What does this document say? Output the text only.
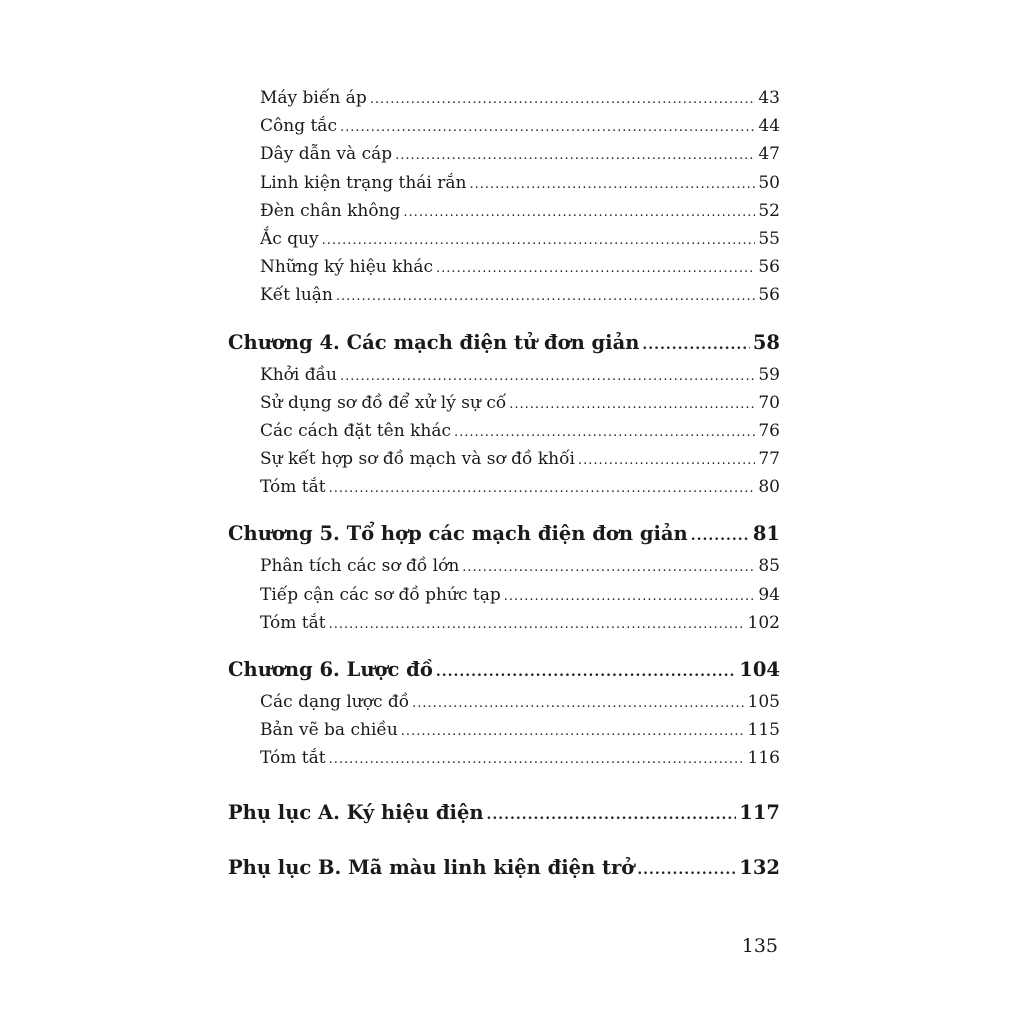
Máy biến áp .....	43
Công tắc .....	44
Dây dẫn và cáp .....	47
Linh kiện trạng thái rắn .....	50
Đèn chân không .....	52
Ắc quy .....	55
Những ký hiệu khác .....	56
Kết luận .....	56
Chương 4. Các mạch điện tử đơn giản .....	58
Khởi đầu .....	59
Sử dụng sơ đồ để xử lý sự cố .....	70
Các cách đặt tên khác .....	76
Sự kết hợp sơ đồ mạch và sơ đồ khối .....	77
Tóm tắt .....	80
Chương 5. Tổ hợp các mạch điện đơn giản .....	81
Phân tích các sơ đồ lớn .....	85
Tiếp cận các sơ đồ phức tạp .....	94
Tóm tắt .....	102
Chương 6. Lược đồ .....	104
Các dạng lược đồ .....	105
Bản vẽ ba chiều .....	115
Tóm tắt .....	116
Phụ lục A. Ký hiệu điện .....	117
Phụ lục B. Mã màu linh kiện điện trở .....	132
135
